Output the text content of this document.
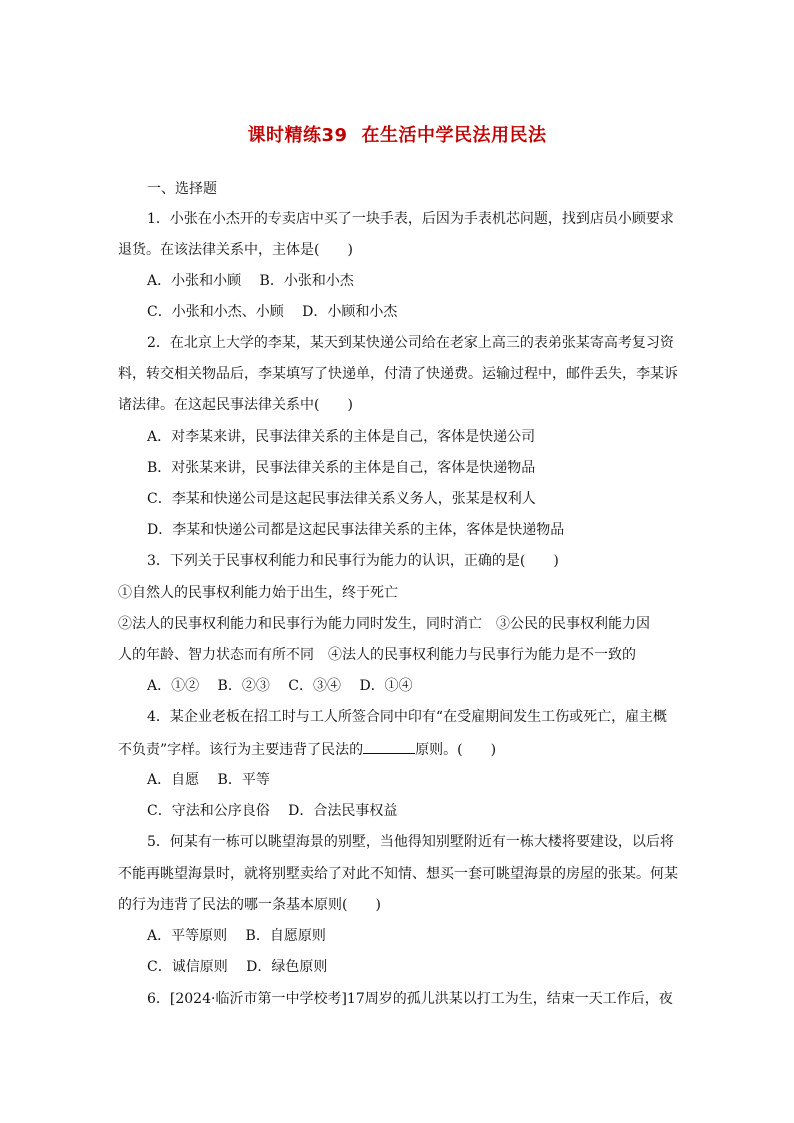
课时精练39 在生活中学民法用民法
一、选择题
1．小张在小杰开的专卖店中买了一块手表，后因为手表机芯问题，找到店员小顾要求
退货。在该法律关系中，主体是(　　)
A．小张和小顾　 B．小张和小杰
C．小张和小杰、小顾　 D．小顾和小杰
2．在北京上大学的李某，某天到某快递公司给在老家上高三的表弟张某寄高考复习资
料，转交相关物品后，李某填写了快递单，付清了快递费。运输过程中，邮件丢失，李某诉
诸法律。在这起民事法律关系中(　　)
A．对李某来讲，民事法律关系的主体是自己，客体是快递公司
B．对张某来讲，民事法律关系的主体是自己，客体是快递物品
C．李某和快递公司是这起民事法律关系义务人，张某是权利人
D．李某和快递公司都是这起民事法律关系的主体，客体是快递物品
3．下列关于民事权利能力和民事行为能力的认识，正确的是(　　)
①自然人的民事权利能力始于出生，终于死亡
②法人的民事权利能力和民事行为能力同时发生，同时消亡　③公民的民事权利能力因
人的年龄、智力状态而有所不同　④法人的民事权利能力与民事行为能力是不一致的
A．①②　 B．②③　 C．③④　 D．①④
4．某企业老板在招工时与工人所签合同中印有“在受雇期间发生工伤或死亡，雇主概
不负责”字样。该行为主要违背了民法的	原则。(　　)
A．自愿　 B．平等
C．守法和公序良俗　 D．合法民事权益
5．何某有一栋可以眺望海景的别墅，当他得知别墅附近有一栋大楼将要建设，以后将
不能再眺望海景时，就将别墅卖给了对此不知情、想买一套可眺望海景的房屋的张某。何某
的行为违背了民法的哪一条基本原则(　　)
A．平等原则　 B．自愿原则
C．诚信原则　 D．绿色原则
6．[2024·临沂市第一中学校考]17周岁的孤儿洪某以打工为生，结束一天工作后，夜
